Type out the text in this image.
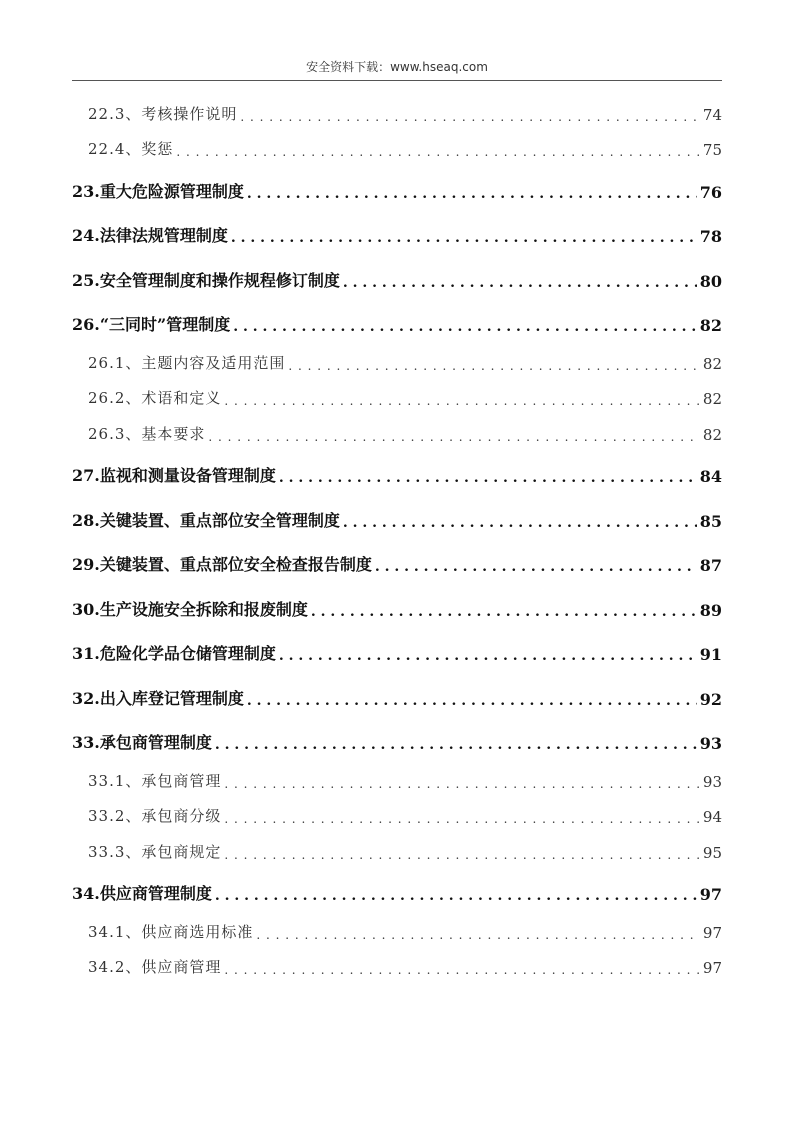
安全资料下载：www.hseaq.com
22.3、考核操作说明 . . .	74
22.4、奖惩 . . .	75
23.重大危险源管理制度 . . .	76
24.法律法规管理制度 . . .	78
25.安全管理制度和操作规程修订制度 . . .	80
26.“三同时”管理制度 . . .	82
26.1、主题内容及适用范围 . . .	82
26.2、术语和定义 . . .	82
26.3、基本要求 . . .	82
27.监视和测量设备管理制度 . . .	84
28.关键装置、重点部位安全管理制度 . . .	85
29.关键装置、重点部位安全检查报告制度 . . .	87
30.生产设施安全拆除和报废制度 . . .	89
31.危险化学品仓储管理制度 . . .	91
32.出入库登记管理制度 . . .	92
33.承包商管理制度 . . .	93
33.1、承包商管理 . . .	93
33.2、承包商分级 . . .	94
33.3、承包商规定 . . .	95
34.供应商管理制度 . . .	97
34.1、供应商选用标准 . . .	97
34.2、供应商管理 . . .	97
